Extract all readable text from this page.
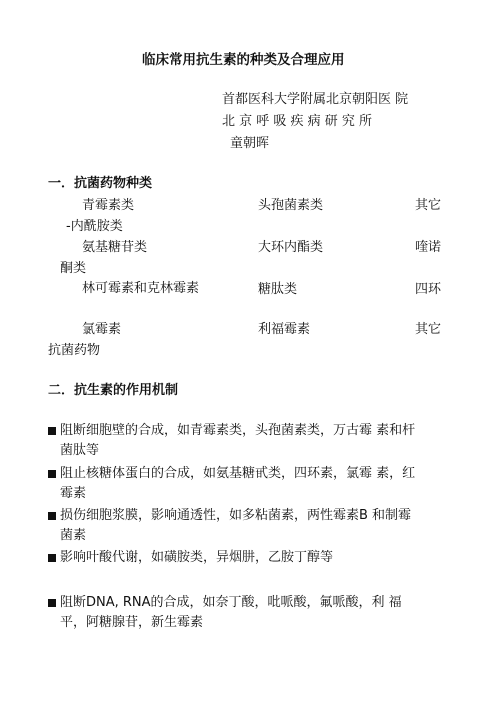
临床常用抗生素的种类及合理应用
首都医科大学附属北京朝阳医 院
北 京 呼 吸 疾 病 研 究 所
童朝晖
一．抗菌药物种类
青霉素类	头孢菌素类	其它
-内酰胺类
氨基糖苷类	大环内酯类	喹诺
酮类
林可霉素和克林霉素	糖肽类	四环
氯霉素	利福霉素	其它
抗菌药物
二．抗生素的作用机制
阻断细胞壁的合成，如青霉素类，头孢菌素类，万古霉 素和杆
菌肽等
阻止核糖体蛋白的合成，如氨基糖甙类，四环素，氯霉 素，红
霉素
损伤细胞浆膜，影响通透性，如多粘菌素，两性霉素B 和制霉
菌素
影响叶酸代谢，如磺胺类，异烟肼，乙胺丁醇等
阻断DNA, RNA的合成，如奈丁酸，吡哌酸，氟哌酸，利 福
平，阿糖腺苷，新生霉素
